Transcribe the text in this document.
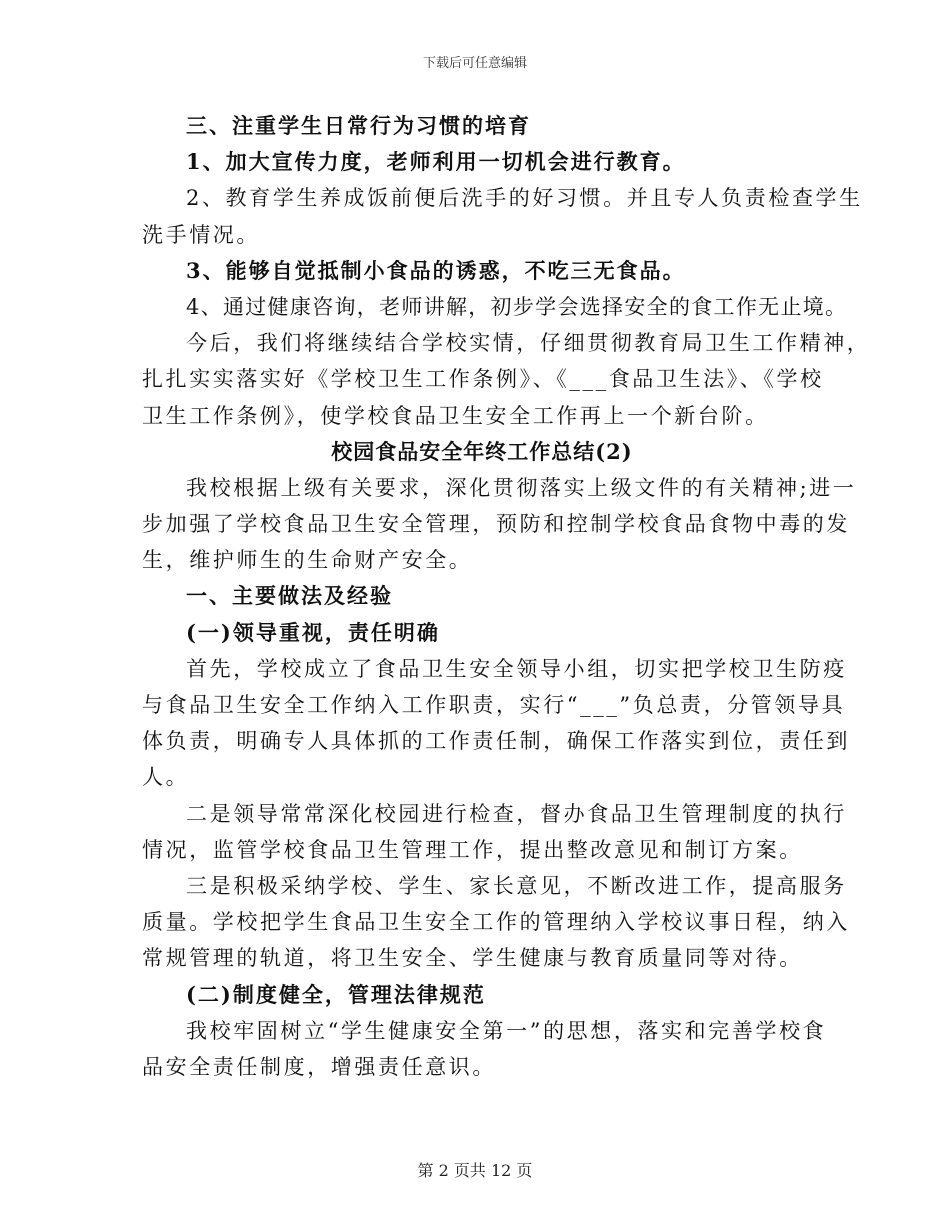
下载后可任意编辑
三、注重学生日常行为习惯的培育
1、加大宣传力度，老师利用一切机会进行教育。
2、教育学生养成饭前便后洗手的好习惯。并且专人负责检查学生
洗手情况。
3、能够自觉抵制小食品的诱惑，不吃三无食品。
4、通过健康咨询，老师讲解，初步学会选择安全的食工作无止境。
今后，我们将继续结合学校实情，仔细贯彻教育局卫生工作精神，
扎扎实实落实好《学校卫生工作条例》、《___食品卫生法》、《学校
卫生工作条例》，使学校食品卫生安全工作再上一个新台阶。
校园食品安全年终工作总结(2)
我校根据上级有关要求，深化贯彻落实上级文件的有关精神;进一
步加强了学校食品卫生安全管理，预防和控制学校食品食物中毒的发
生，维护师生的生命财产安全。
一、主要做法及经验
(一)领导重视，责任明确
首先，学校成立了食品卫生安全领导小组，切实把学校卫生防疫
与食品卫生安全工作纳入工作职责，实行“___”负总责，分管领导具
体负责，明确专人具体抓的工作责任制，确保工作落实到位，责任到
人。
二是领导常常深化校园进行检查，督办食品卫生管理制度的执行
情况，监管学校食品卫生管理工作，提出整改意见和制订方案。
三是积极采纳学校、学生、家长意见，不断改进工作，提高服务
质量。学校把学生食品卫生安全工作的管理纳入学校议事日程，纳入
常规管理的轨道，将卫生安全、学生健康与教育质量同等对待。
(二)制度健全，管理法律规范
我校牢固树立“学生健康安全第一”的思想，落实和完善学校食
品安全责任制度，增强责任意识。
第 2 页共 12 页
